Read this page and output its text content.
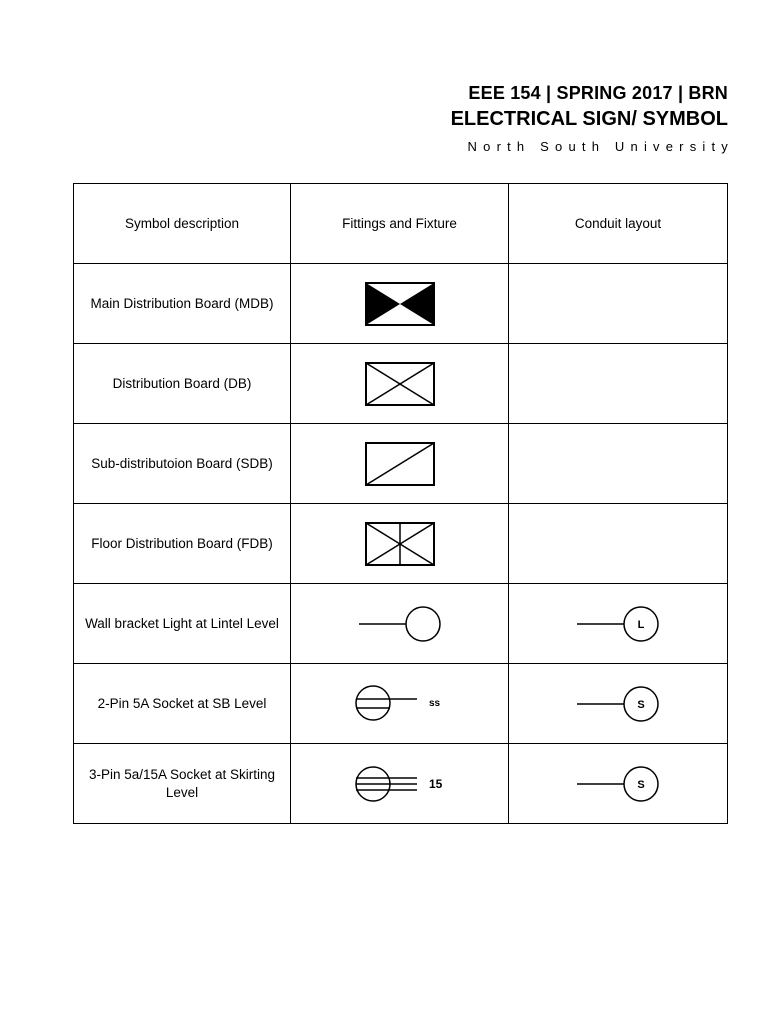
EEE 154 | SPRING 2017 | BRN
ELECTRICAL SIGN/ SYMBOL
North South University
Symbol description	Fittings and Fixture	Conduit layout
Main Distribution Board (MDB)	

Distribution Board (DB)	

Sub-distributoion Board (SDB)	

Floor Distribution Board (FDB)	

Wall bracket Light at Lintel Level		L

2-Pin 5A Socket at SB Level	ss	S

3-Pin 5a/15A Socket at Skirting Level	15	S
